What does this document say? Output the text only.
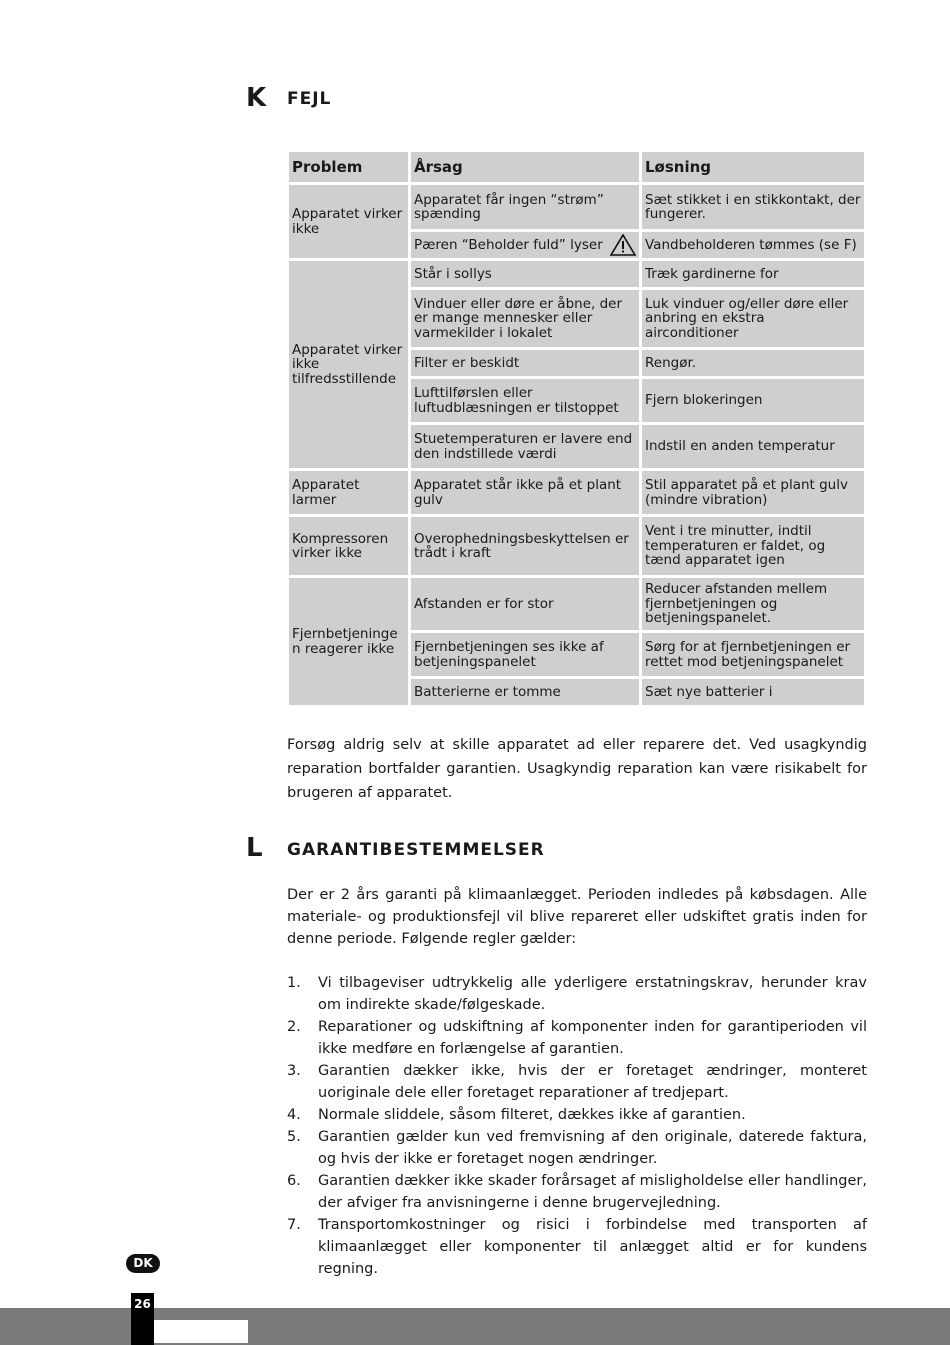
K FEJL
Problem	Årsag	Løsning
Apparatet virker ikke	Apparatet får ingen “strøm” spænding	Sæt stikket i en stikkontakt, der fungerer.

	Pæren “Beholder fuld” lyser	Vandbeholderen tømmes (se F)
Apparatet virker ikke tilfredsstillende	Står i sollys	Træk gardinerne for
	Vinduer eller døre er åbne, der er mange mennesker eller varmekilder i lokalet	Luk vinduer og/eller døre eller anbring en ekstra airconditioner
	Filter er beskidt	Rengør.
	Lufttilførslen eller luftudblæsningen er tilstoppet	Fjern blokeringen
	Stuetemperaturen er lavere end den indstillede værdi	Indstil en anden temperatur
Apparatet larmer	Apparatet står ikke på et plant gulv	Stil apparatet på et plant gulv (mindre vibration)
Kompressoren virker ikke	Overophedningsbeskyttelsen er trådt i kraft	Vent i tre minutter, indtil temperaturen er faldet, og tænd apparatet igen
Fjernbetjeninge n reagerer ikke	Afstanden er for stor	Reducer afstanden mellem fjernbetjeningen og betjeningspanelet.
	Fjernbetjeningen ses ikke af betjeningspanelet	Sørg for at fjernbetjeningen er rettet mod betjeningspanelet
	Batterierne er tomme	Sæt nye batterier i

Forsøg aldrig selv at skille apparatet ad eller reparere det. Ved usagkyndig reparation bortfalder garantien. Usagkyndig reparation kan være risikabelt for brugeren af apparatet.

L GARANTIBESTEMMELSER

Der er 2 års garanti på klimaanlægget. Perioden indledes på købsdagen. Alle materiale- og produktionsfejl vil blive repareret eller udskiftet gratis inden for denne periode. Følgende regler gælder:

1.	Vi tilbageviser udtrykkelig alle yderligere erstatningskrav, herunder krav om indirekte skade/følgeskade.
2.	Reparationer og udskiftning af komponenter inden for garantiperioden vil ikke medføre en forlængelse af garantien.
3.	Garantien dækker ikke, hvis der er foretaget ændringer, monteret uoriginale dele eller foretaget reparationer af tredjepart.
4.	Normale sliddele, såsom filteret, dækkes ikke af garantien.
5.	Garantien gælder kun ved fremvisning af den originale, daterede faktura, og hvis der ikke er foretaget nogen ændringer.
6.	Garantien dækker ikke skader forårsaget af misligholdelse eller handlinger, der afviger fra anvisningerne i denne brugervejledning.
7.	Transportomkostninger og risici i forbindelse med transporten af klimaanlægget eller komponenter til anlægget altid er for kundens regning.
DK
26
